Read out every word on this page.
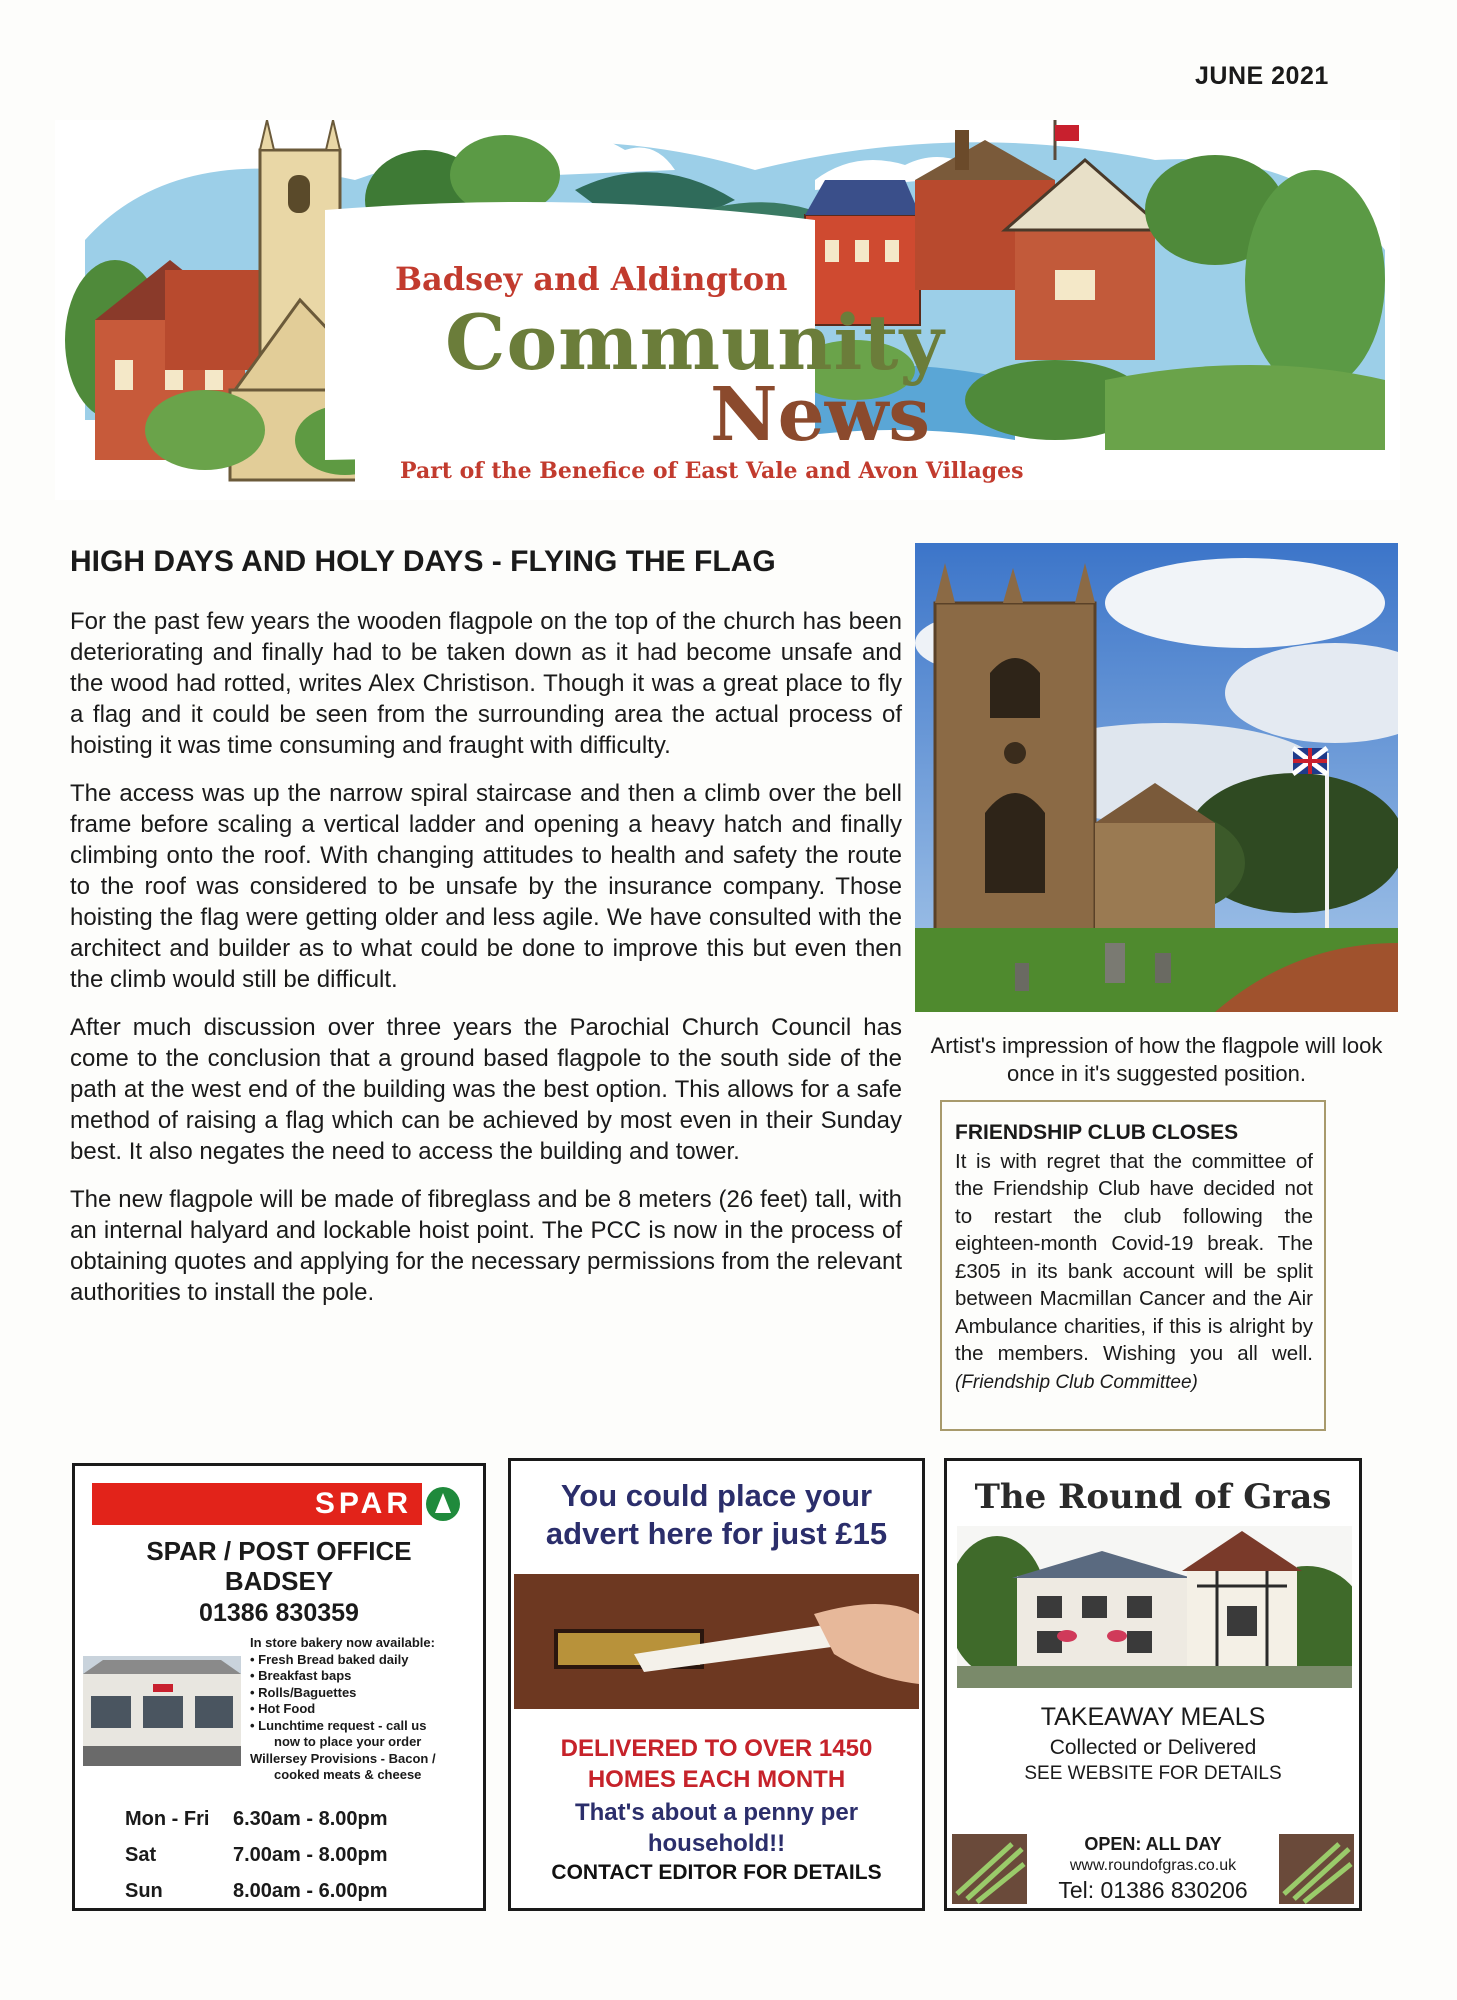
JUNE 2021
Badsey and Aldington
Community
News
Part of the Benefice of East Vale and Avon Villages
HIGH DAYS AND HOLY DAYS - FLYING THE FLAG

For the past few years the wooden flagpole on the top of the church has been deteriorating and finally had to be taken down as it had become unsafe and the wood had rotted, writes Alex Christison. Though it was a great place to fly a flag and it could be seen from the surrounding area the actual process of hoisting it was time consuming and fraught with difficulty.

The access was up the narrow spiral staircase and then a climb over the bell frame before scaling a vertical ladder and opening a heavy hatch and finally climbing onto the roof. With changing attitudes to health and safety the route to the roof was considered to be unsafe by the insurance company. Those hoisting the flag were getting older and less agile. We have consulted with the architect and builder as to what could be done to improve this but even then the climb would still be difficult.

After much discussion over three years the Parochial Church Council has come to the conclusion that a ground based flagpole to the south side of the path at the west end of the building was the best option. This allows for a safe method of raising a flag which can be achieved by most even in their Sunday best. It also negates the need to access the building and tower.

The new flagpole will be made of fibreglass and be 8 meters (26 feet) tall, with an internal halyard and lockable hoist point. The PCC is now in the process of obtaining quotes and applying for the necessary permissions from the relevant authorities to install the pole.

Artist's impression of how the flagpole will look once in it's suggested position.
FRIENDSHIP CLUB CLOSES
It is with regret that the committee of the Friendship Club have decided not to restart the club following the eighteen-month Covid-19 break. The £305 in its bank account will be split between Macmillan Cancer and the Air Ambulance charities, if this is alright by the members. Wishing you all well. (Friendship Club Committee)
SPAR
SPAR / POST OFFICE
BADSEY
01386 830359
In store bakery now available:
• Fresh Bread baked daily
• Breakfast baps
• Rolls/Baguettes
• Hot Food
• Lunchtime request - call us
now to place your order
Willersey Provisions - Bacon /
cooked meats & cheese
Mon - Fri	6.30am - 8.00pm
Sat	7.00am - 8.00pm
Sun	8.00am - 6.00pm
You could place your
advert here for just £15
DELIVERED TO OVER 1450
HOMES EACH MONTH
That's about a penny per
household!!
CONTACT EDITOR FOR DETAILS
The Round of Gras
TAKEAWAY MEALS
Collected or Delivered
SEE WEBSITE FOR DETAILS
OPEN: ALL DAY
www.roundofgras.co.uk
Tel: 01386 830206
